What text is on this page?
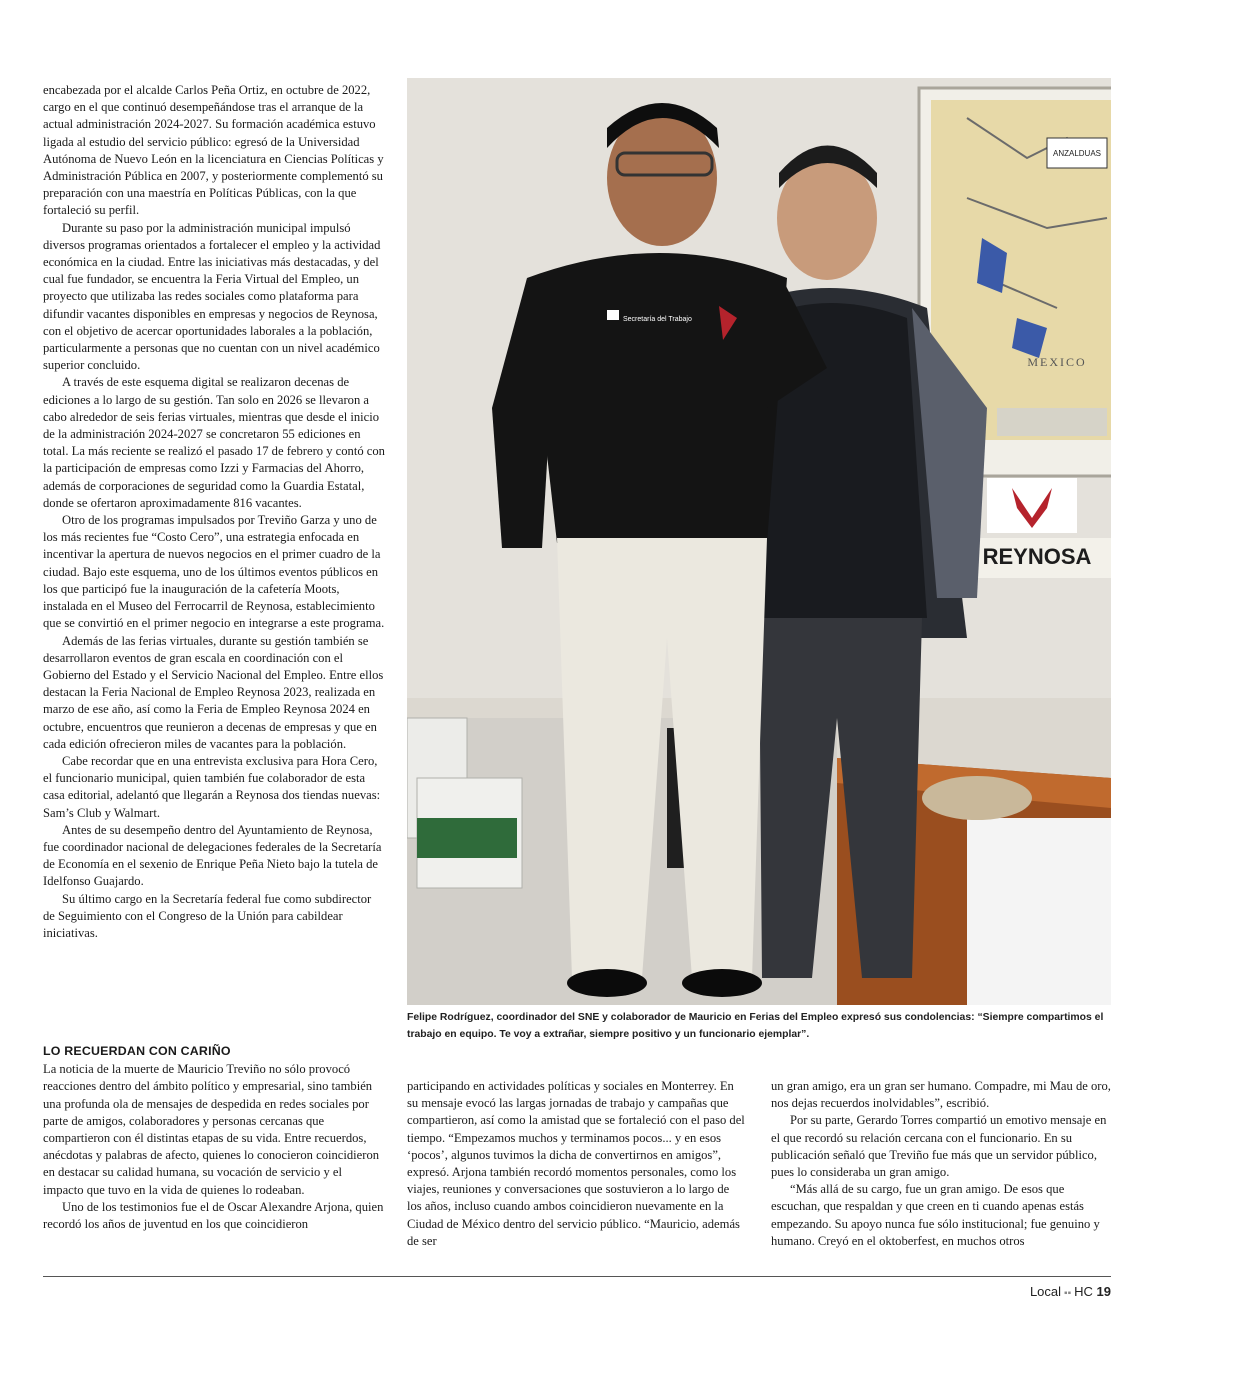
encabezada por el alcalde Carlos Peña Ortiz, en octubre de 2022, cargo en el que continuó desempeñándose tras el arranque de la actual administración 2024-2027. Su formación académica estuvo ligada al estudio del servicio público: egresó de la Universidad Autónoma de Nuevo León en la licenciatura en Ciencias Políticas y Administración Pública en 2007, y posteriormente complementó su preparación con una maestría en Políticas Públicas, con la que fortaleció su perfil.

Durante su paso por la administración municipal impulsó diversos programas orientados a fortalecer el empleo y la actividad económica en la ciudad. Entre las iniciativas más destacadas, y del cual fue fundador, se encuentra la Feria Virtual del Empleo, un proyecto que utilizaba las redes sociales como plataforma para difundir vacantes disponibles en empresas y negocios de Reynosa, con el objetivo de acercar oportunidades laborales a la población, particularmente a personas que no cuentan con un nivel académico superior concluido.

A través de este esquema digital se realizaron decenas de ediciones a lo largo de su gestión. Tan solo en 2026 se llevaron a cabo alrededor de seis ferias virtuales, mientras que desde el inicio de la administración 2024-2027 se concretaron 55 ediciones en total. La más reciente se realizó el pasado 17 de febrero y contó con la participación de empresas como Izzi y Farmacias del Ahorro, además de corporaciones de seguridad como la Guardia Estatal, donde se ofertaron aproximadamente 816 vacantes.

Otro de los programas impulsados por Treviño Garza y uno de los más recientes fue “Costo Cero”, una estrategia enfocada en incentivar la apertura de nuevos negocios en el primer cuadro de la ciudad. Bajo este esquema, uno de los últimos eventos públicos en los que participó fue la inauguración de la cafetería Moots, instalada en el Museo del Ferrocarril de Reynosa, establecimiento que se convirtió en el primer negocio en integrarse a este programa.

Además de las ferias virtuales, durante su gestión también se desarrollaron eventos de gran escala en coordinación con el Gobierno del Estado y el Servicio Nacional del Empleo. Entre ellos destacan la Feria Nacional de Empleo Reynosa 2023, realizada en marzo de ese año, así como la Feria de Empleo Reynosa 2024 en octubre, encuentros que reunieron a decenas de empresas y que en cada edición ofrecieron miles de vacantes para la población.

Cabe recordar que en una entrevista exclusiva para Hora Cero, el funcionario municipal, quien también fue colaborador de esta casa editorial, adelantó que llegarán a Reynosa dos tiendas nuevas: Sam’s Club y Walmart.

Antes de su desempeño dentro del Ayuntamiento de Reynosa, fue coordinador nacional de delegaciones federales de la Secretaría de Economía en el sexenio de Enrique Peña Nieto bajo la tutela de Idelfonso Guajardo.

Su último cargo en la Secretaría federal fue como subdirector de Seguimiento con el Congreso de la Unión para cabildear iniciativas.

LO RECUERDAN CON CARIÑO

La noticia de la muerte de Mauricio Treviño no sólo provocó reacciones dentro del ámbito político y empresarial, sino también una profunda ola de mensajes de despedida en redes sociales por parte de amigos, colaboradores y personas cercanas que compartieron con él distintas etapas de su vida. Entre recuerdos, anécdotas y palabras de afecto, quienes lo conocieron coincidieron en destacar su calidad humana, su vocación de servicio y el impacto que tuvo en la vida de quienes lo rodeaban.

Uno de los testimonios fue el de Oscar Alexandre Arjona, quien recordó los años de juventud en los que coincidieron

participando en actividades políticas y sociales en Monterrey. En su mensaje evocó las largas jornadas de trabajo y campañas que compartieron, así como la amistad que se fortaleció con el paso del tiempo. “Empezamos muchos y terminamos pocos... y en esos ‘pocos’, algunos tuvimos la dicha de convertirnos en amigos”, expresó. Arjona también recordó momentos personales, como los viajes, reuniones y conversaciones que sostuvieron a lo largo de los años, incluso cuando ambos coincidieron nuevamente en la Ciudad de México dentro del servicio público. “Mauricio, además de ser

un gran amigo, era un gran ser humano. Compadre, mi Mau de oro, nos dejas recuerdos inolvidables”, escribió.

Por su parte, Gerardo Torres compartió un emotivo mensaje en el que recordó su relación cercana con el funcionario. En su publicación señaló que Treviño fue más que un servidor público, pues lo consideraba un gran amigo.

“Más allá de su cargo, fue un gran amigo. De esos que escuchan, que respaldan y que creen en ti cuando apenas estás empezando. Su apoyo nunca fue sólo institucional; fue genuino y humano. Creyó en el oktoberfest, en muchos otros

ANZALDUAS
MEXICO
REYNOSA
Secretaría del Trabajo
Felipe Rodríguez, coordinador del SNE y colaborador de Mauricio en Ferias del Empleo expresó sus condolencias: “Siempre compartimos el trabajo en equipo. Te voy a extrañar, siempre positivo y un funcionario ejemplar”.
Local ▪▪ HC 19
